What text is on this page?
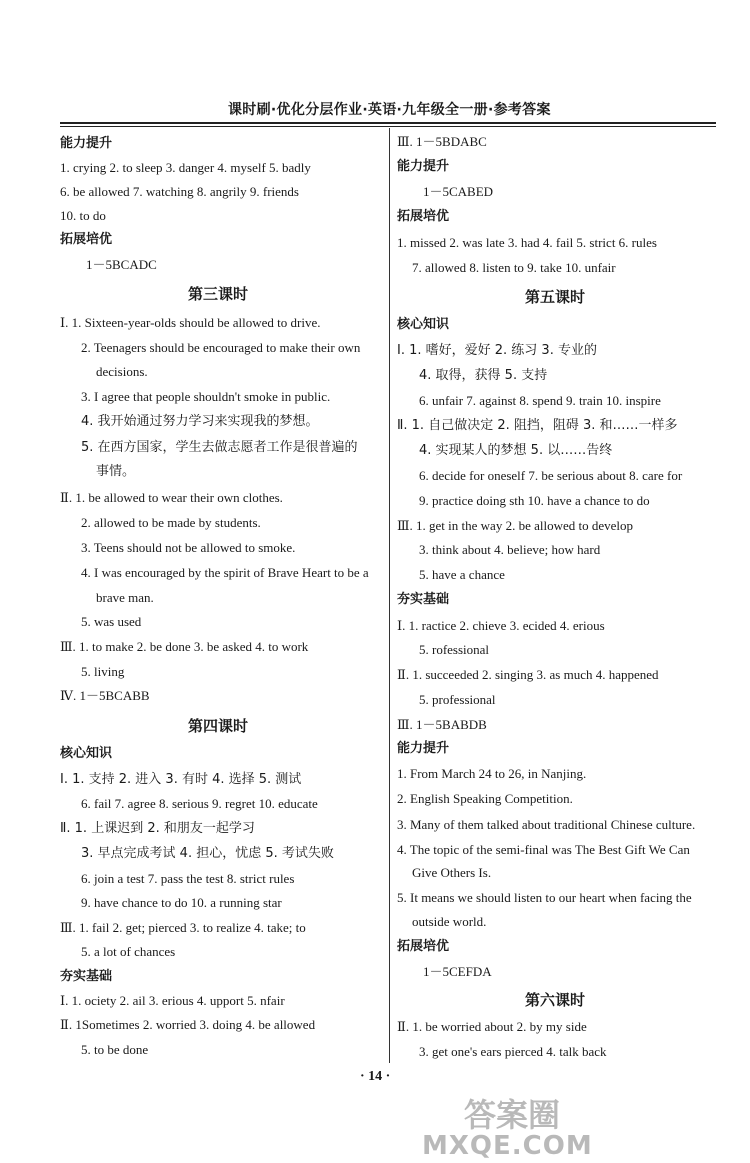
课时刷·优化分层作业·英语·九年级全一册·参考答案
能力提升
1. crying 2. to sleep 3. danger 4. myself 5. badly
6. be allowed 7. watching 8. angrily 9. friends
10. to do
拓展培优
1－5BCADC
第三课时
Ⅰ. 1. Sixteen-year-olds should be allowed to drive.
2. Teenagers should be encouraged to make their own
decisions.
3. I agree that people shouldn't smoke in public.
4. 我开始通过努力学习来实现我的梦想。
5. 在西方国家，学生去做志愿者工作是很普遍的
事情。
Ⅱ. 1. be allowed to wear their own clothes.
2. allowed to be made by students.
3. Teens should not be allowed to smoke.
4. I was encouraged by the spirit of Brave Heart to be a
brave man.
5. was used
Ⅲ. 1. to make 2. be done 3. be asked 4. to work
5. living
Ⅳ. 1－5BCABB
第四课时
核心知识
Ⅰ. 1. 支持 2. 进入 3. 有时 4. 选择 5. 测试
6. fail 7. agree 8. serious 9. regret 10. educate
Ⅱ. 1. 上课迟到 2. 和朋友一起学习
3. 早点完成考试 4. 担心，忧虑 5. 考试失败
6. join a test 7. pass the test 8. strict rules
9. have chance to do 10. a running star
Ⅲ. 1. fail 2. get; pierced 3. to realize 4. take; to
5. a lot of chances
夯实基础
Ⅰ. 1. ociety 2. ail 3. erious 4. upport 5. nfair
Ⅱ. 1Sometimes 2. worried 3. doing 4. be allowed
5. to be done
Ⅲ. 1－5BDABC
能力提升
1－5CABED
拓展培优
1. missed 2. was late 3. had 4. fail 5. strict 6. rules
7. allowed 8. listen to 9. take 10. unfair
第五课时
核心知识
Ⅰ. 1. 嗜好，爱好 2. 练习 3. 专业的
4. 取得，获得 5. 支持
6. unfair 7. against 8. spend 9. train 10. inspire
Ⅱ. 1. 自己做决定 2. 阻挡，阻碍 3. 和……一样多
4. 实现某人的梦想 5. 以……告终
6. decide for oneself 7. be serious about 8. care for
9. practice doing sth 10. have a chance to do
Ⅲ. 1. get in the way 2. be allowed to develop
3. think about 4. believe; how hard
5. have a chance
夯实基础
Ⅰ. 1. ractice 2. chieve 3. ecided 4. erious
5. rofessional
Ⅱ. 1. succeeded 2. singing 3. as much 4. happened
5. professional
Ⅲ. 1－5BABDB
能力提升
1. From March 24 to 26, in Nanjing.
2. English Speaking Competition.
3. Many of them talked about traditional Chinese culture.
4. The topic of the semi-final was The Best Gift We Can
Give Others Is.
5. It means we should listen to our heart when facing the
outside world.
拓展培优
1－5CEFDA
第六课时
Ⅱ. 1. be worried about 2. by my side
3. get one's ears pierced 4. talk back
· 14 ·
答案圈
MXQE.COM
